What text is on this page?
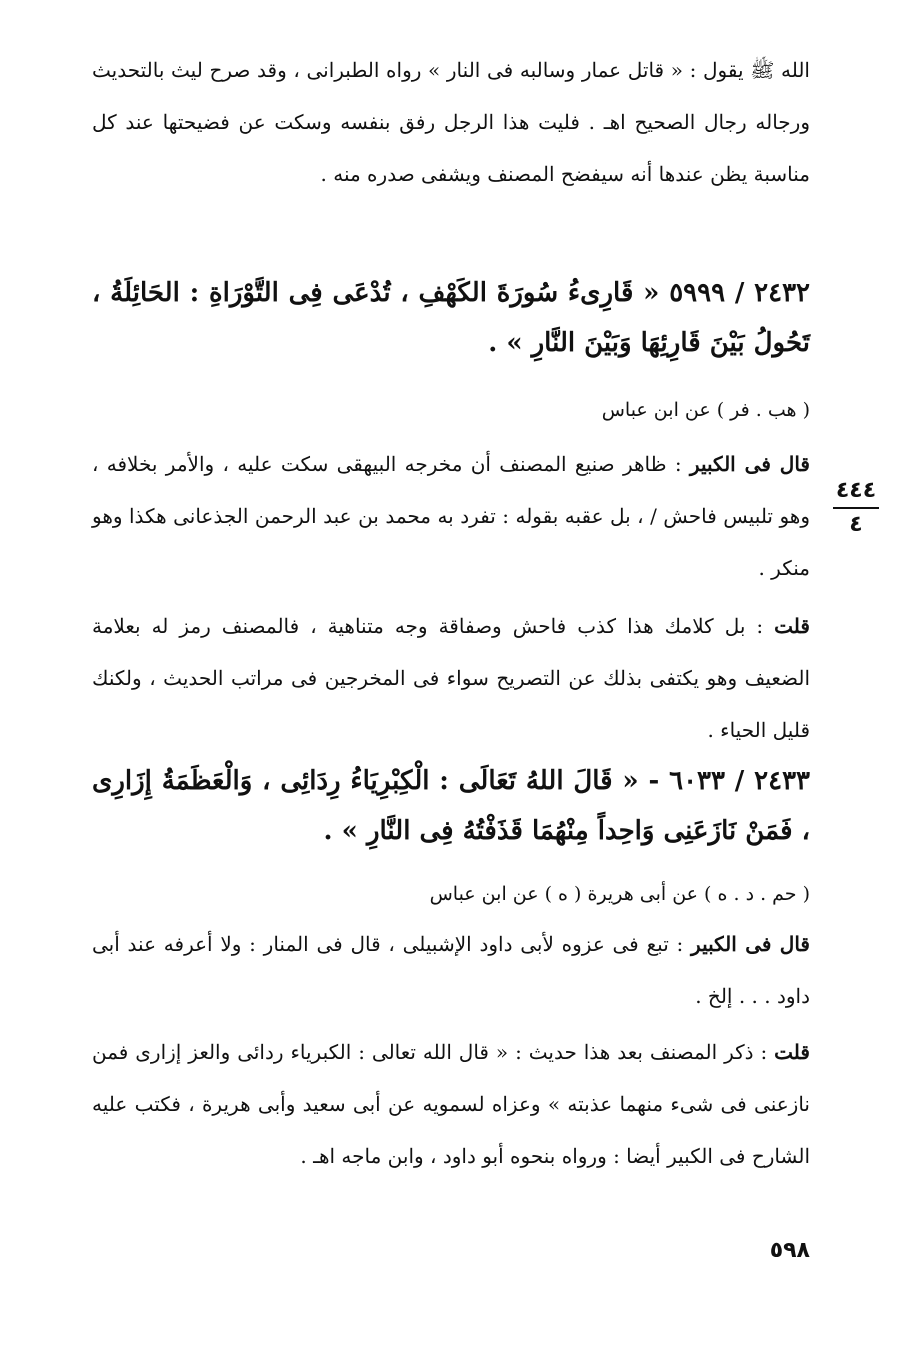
الله ﷺ يقول : « قاتل عمار وسالبه فى النار » رواه الطبرانى ، وقد صرح ليث بالتحديث ورجاله رجال الصحيح اهـ . فليت هذا الرجل رفق بنفسه وسكت عن فضيحتها عند كل مناسبة يظن عندها أنه سيفضح المصنف ويشفى صدره منه .

٢٤٣٢ / ٥٩٩٩ « قَارِىءُ سُورَةَ الكَهْفِ ، تُدْعَى فِى التَّوْرَاةِ : الحَائِلَةُ ، تَحُولُ بَيْنَ قَارِئِهَا وَبَيْنَ النَّارِ » .

( هب . فر ) عن ابن عباس

قال فى الكبير : ظاهر صنيع المصنف أن مخرجه البيهقى سكت عليه ، والأمر بخلافه ، وهو تلبيس فاحش / ، بل عقبه بقوله : تفرد به محمد بن عبد الرحمن الجذعانى هكذا وهو منكر .

قلت : بل كلامك هذا كذب فاحش وصفاقة وجه متناهية ، فالمصنف رمز له بعلامة الضعيف وهو يكتفى بذلك عن التصريح سواء فى المخرجين فى مراتب الحديث ، ولكنك قليل الحياء .

٢٤٣٣ / ٦٠٣٣ - « قَالَ اللهُ تَعَالَى : الْكِبْرِيَاءُ رِدَائِى ، وَالْعَظَمَةُ إِزَارِى ، فَمَنْ نَازَعَنِى وَاحِداً مِنْهُمَا قَذَفْتُهُ فِى النَّارِ » .

( حم . د . ه ) عن أبى هريرة ( ه ) عن ابن عباس

قال فى الكبير : تبع فى عزوه لأبى داود الإشبيلى ، قال فى المنار : ولا أعرفه عند أبى داود . . . إلخ .

قلت : ذكر المصنف بعد هذا حديث : « قال الله تعالى : الكبرياء ردائى والعز إزارى فمن نازعنى فى شىء منهما عذبته » وعزاه لسمويه عن أبى سعيد وأبى هريرة ، فكتب عليه الشارح فى الكبير أيضا : ورواه بنحوه أبو داود ، وابن ماجه اهـ .

٤٤٤
٤
٥٩٨
